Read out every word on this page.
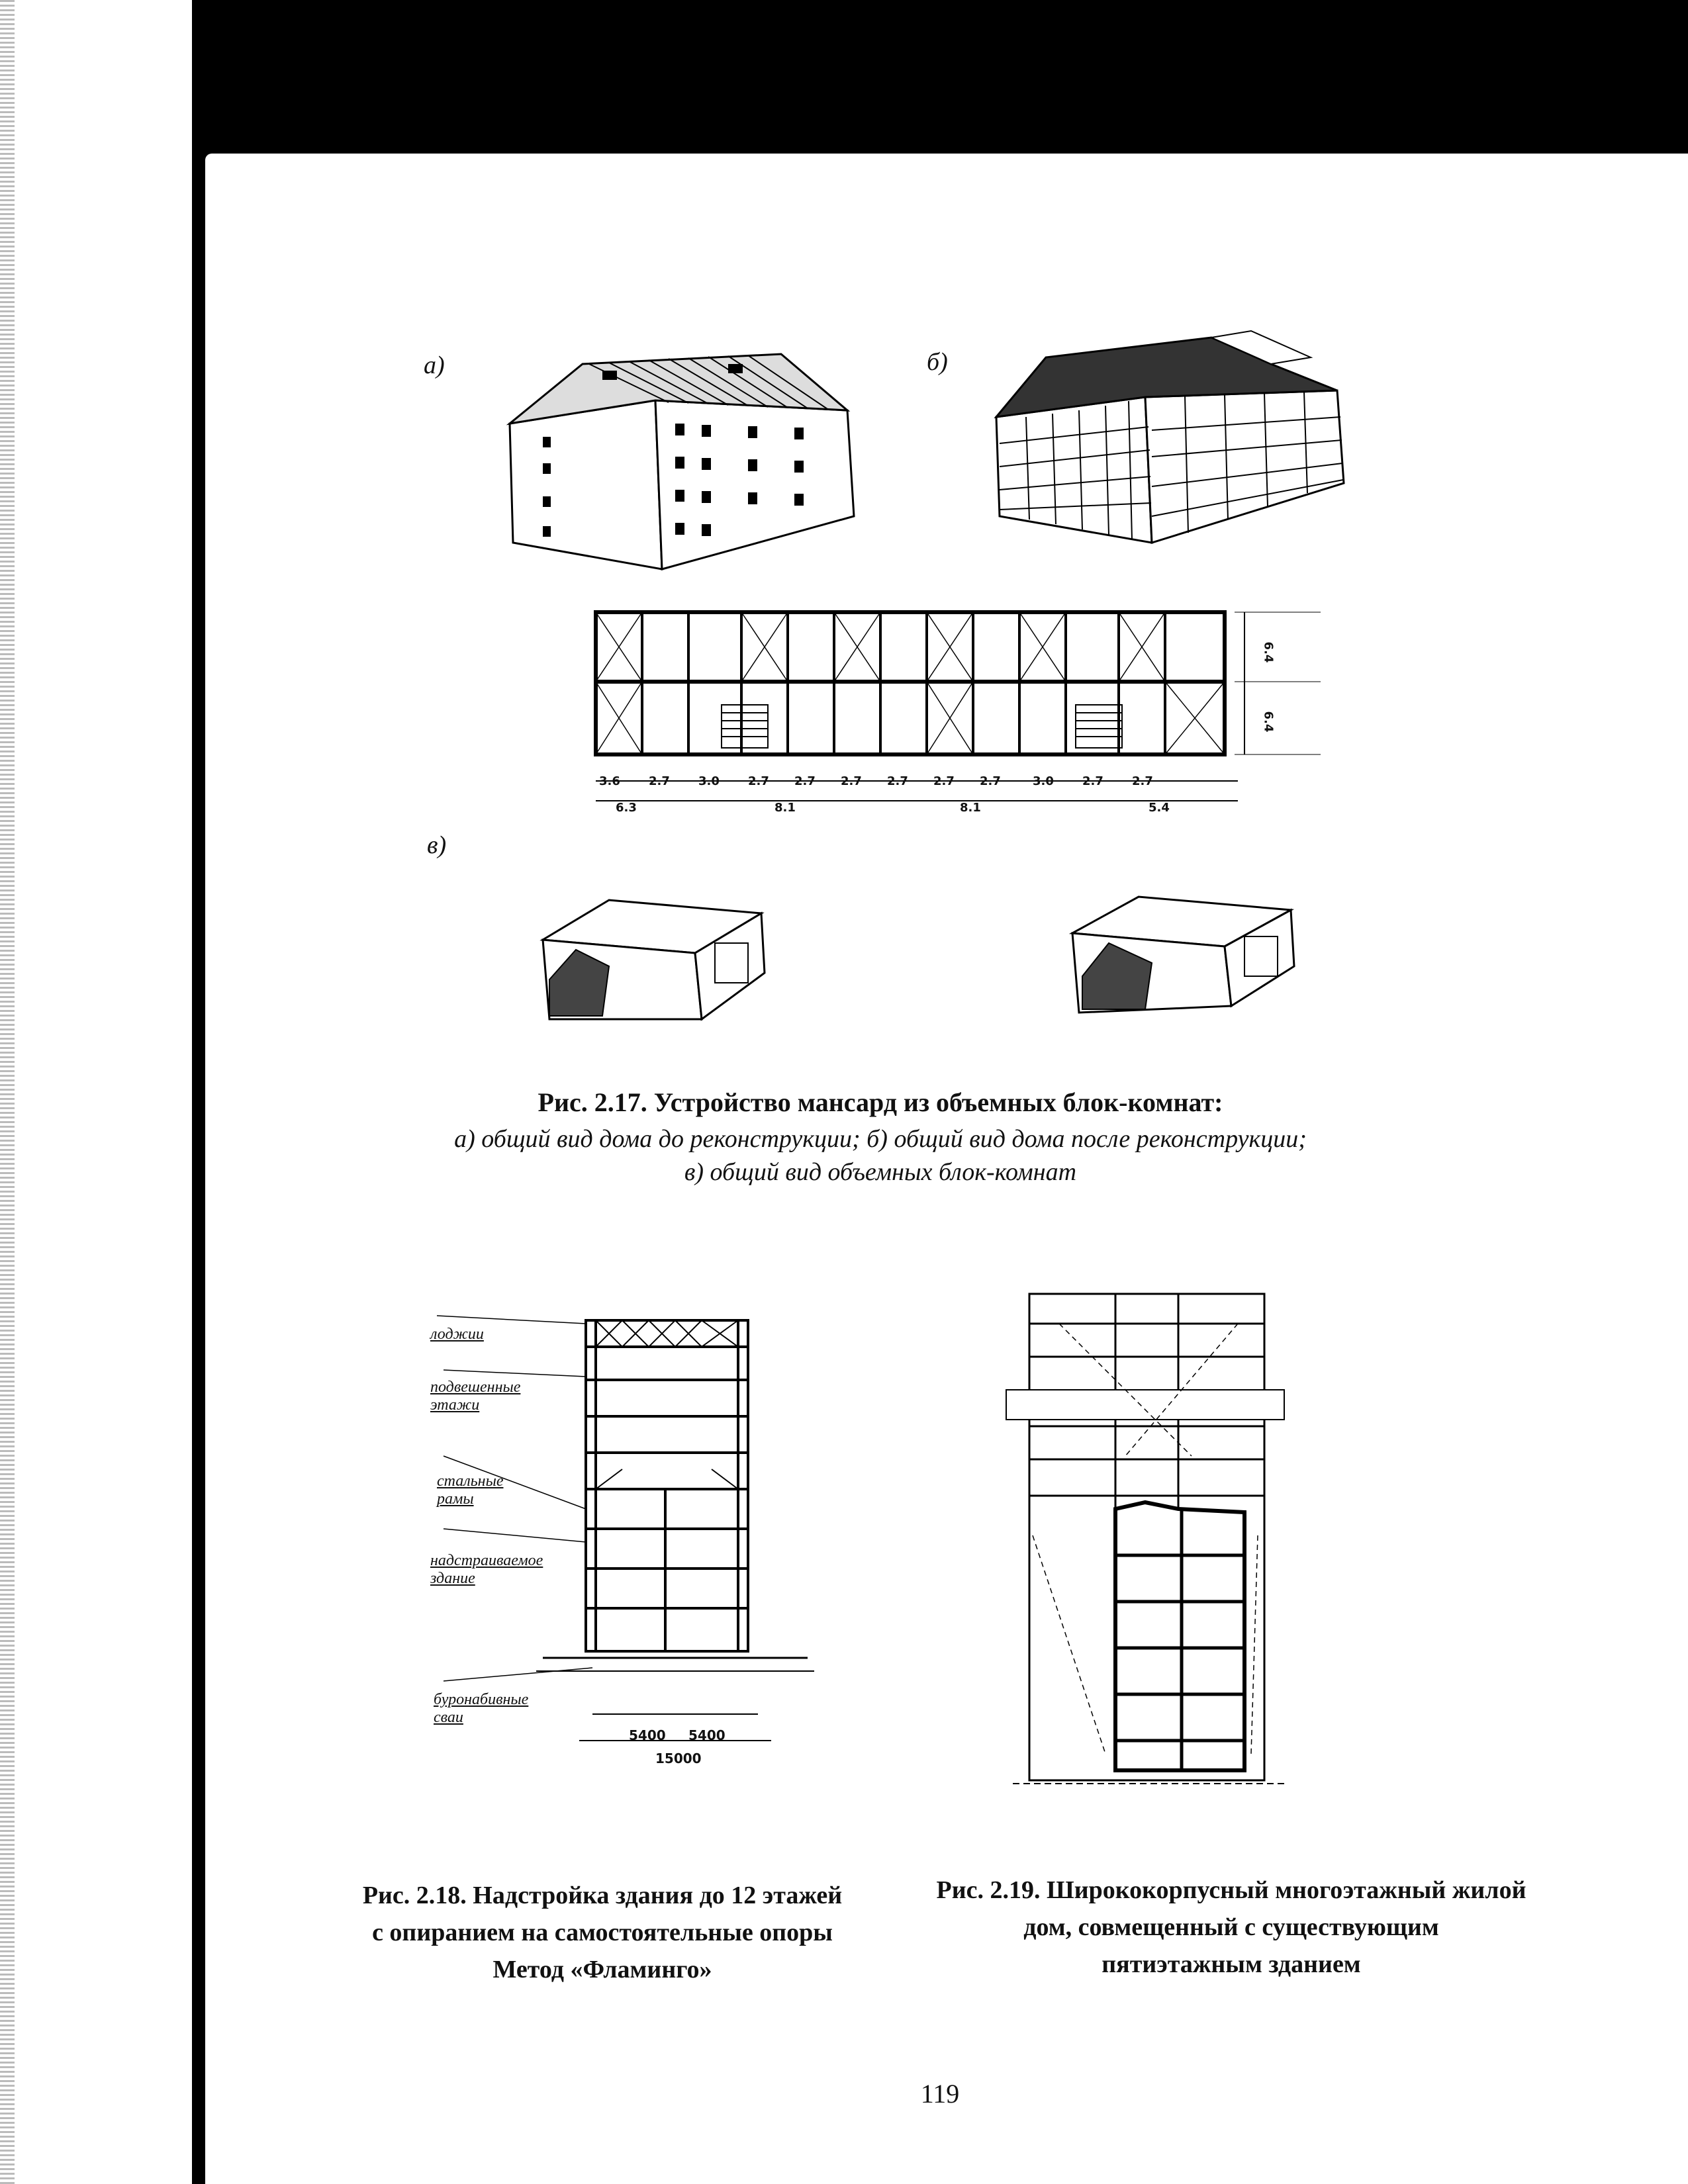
а)	б)
в)
3.6 2.7 3.0 2.7 2.7 2.7 2.7 2.7 2.7	3.0 2.7 2.7
6.3	8.1	8.1	5.4
6.4
6.4
Рис. 2.17. Устройство мансард из объемных блок-комнат:
а) общий вид дома до реконструкции; б) общий вид дома после реконструкции;
в) общий вид объемных блок-комнат
лоджии
подвешенные этажи
стальные рамы
надстраиваемое здание
буронабивные сваи
5400 5400
15000
Рис. 2.18. Надстройка здания до 12 этажей
с опиранием на самостоятельные опоры
Метод «Фламинго»
Рис. 2.19. Ширококорпусный многоэтажный жилой
дом, совмещенный с существующим
пятиэтажным зданием
119
